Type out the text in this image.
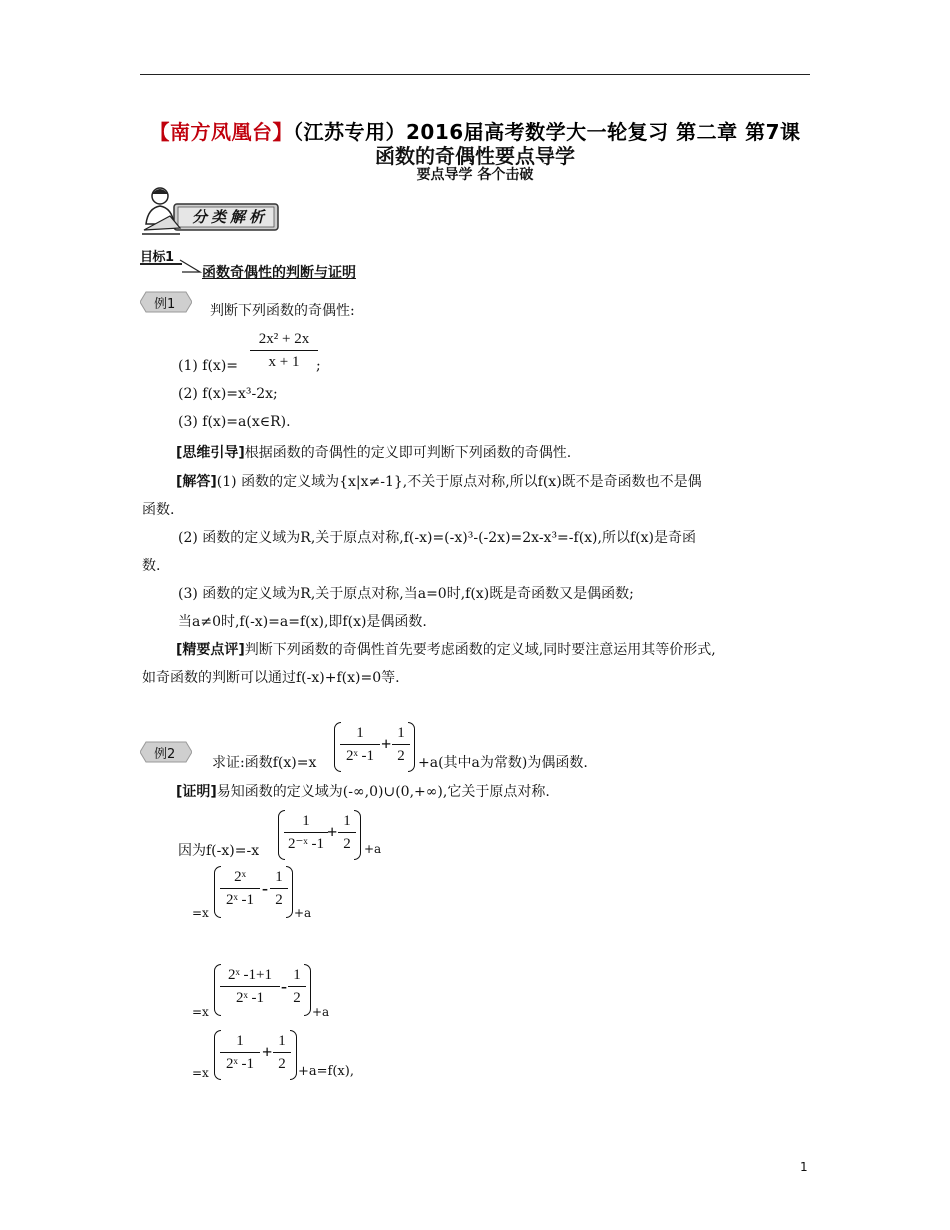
【南方凤凰台】（江苏专用）2016届高考数学大一轮复习 第二章 第7课
函数的奇偶性要点导学
要点导学 各个击破
分类解析
目标1
函数奇偶性的判断与证明
例1 判断下列函数的奇偶性:
(1) $f(x)= \frac{\text{2x² + 2x}}{x + 1}$
;
(2) f(x)=x³-2x;
(3) f(x)=a(x∈R).
[思维引导]根据函数的奇偶性的定义即可判断下列函数的奇偶性.
[解答](1) 函数的定义域为{x|x≠-1},不关于原点对称,所以f(x)既不是奇函数也不是偶
函数.
(2) 函数的定义域为R,关于原点对称,f(-x)=(-x)³-(-2x)=2x-x³=-f(x),所以f(x)是奇函
数.
(3) 函数的定义域为R,关于原点对称,当a=0时,f(x)既是奇函数又是偶函数;
当a≠0时,f(-x)=a=f(x),即f(x)是偶函数.
[精要点评]判断下列函数的奇偶性首先要考虑函数的定义域,同时要注意运用其等价形式,
如奇函数的判断可以通过f(-x)+f(x)=0等.
例2
求证:函数$f(x)=x \frac{1}{\text{2ˣ -1}} + \frac{1}{2} +a$(其中a为常数)为偶函数.
[证明]易知函数的定义域为(-∞,0)∪(0,+∞),它关于原点对称.
因为$f(-x)=-x \frac{1}{\text{2⁻ˣ -1}} + \frac{1}{2} +a$
=x
$\frac{\text{2ˣ}}{\text{2ˣ -1}} - \frac{1}{2}$
+a
=x
$\frac{\text{2ˣ -1+1}}{\text{2ˣ -1}} - \frac{1}{2}$
+a
$=x \frac{1}{\text{2ˣ -1}} + \frac{1}{2} +a=f(x)$,
1
